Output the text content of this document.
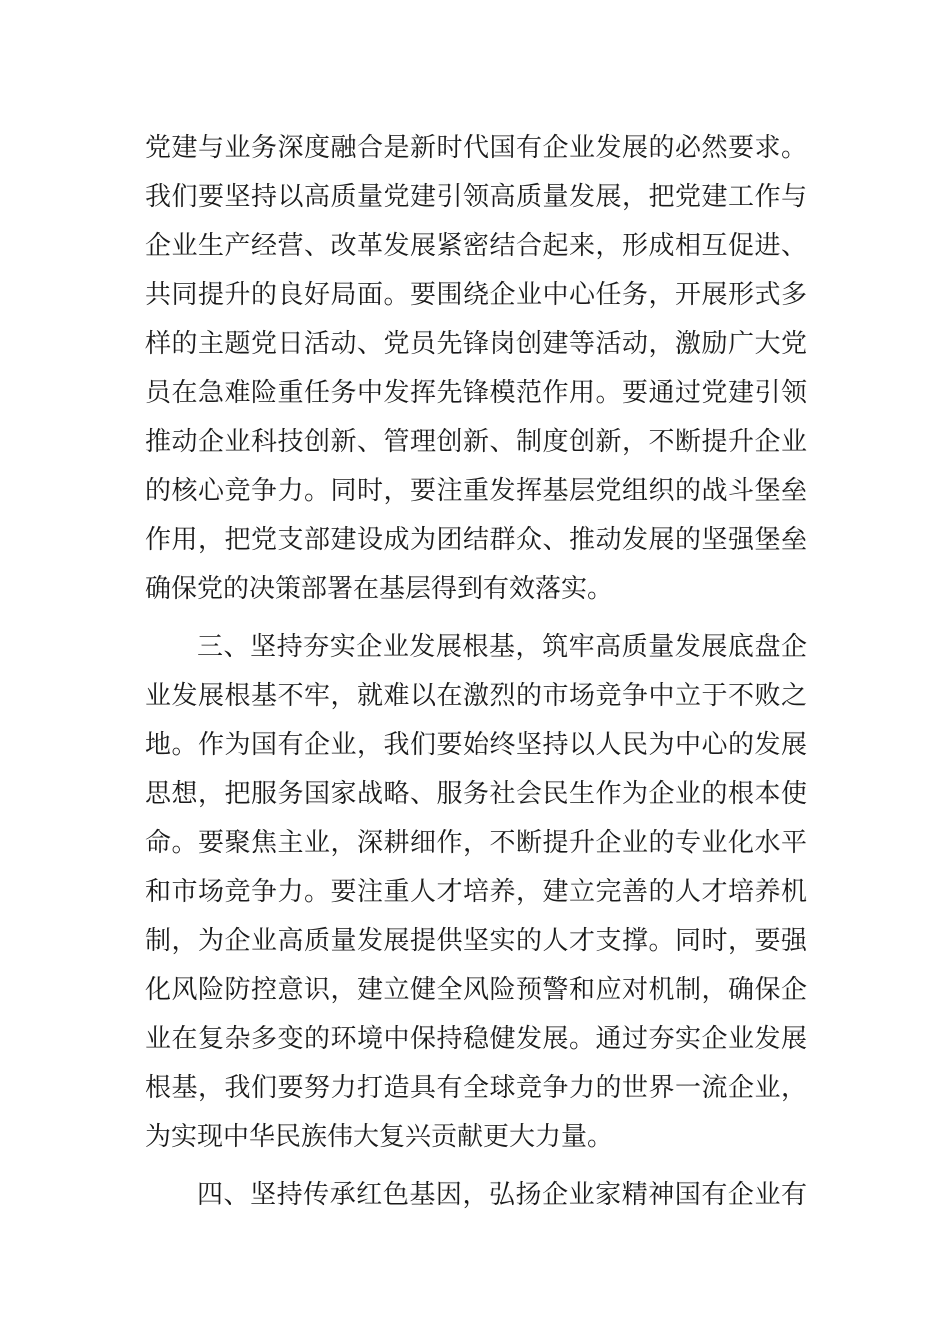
党建与业务深度融合是新时代国有企业发展的必然要求。
我们要坚持以高质量党建引领高质量发展，把党建工作与
企业生产经营、改革发展紧密结合起来，形成相互促进、
共同提升的良好局面。要围绕企业中心任务，开展形式多
样的主题党日活动、党员先锋岗创建等活动，激励广大党
员在急难险重任务中发挥先锋模范作用。要通过党建引领
推动企业科技创新、管理创新、制度创新，不断提升企业
的核心竞争力。同时，要注重发挥基层党组织的战斗堡垒
作用，把党支部建设成为团结群众、推动发展的坚强堡垒
确保党的决策部署在基层得到有效落实。
三、坚持夯实企业发展根基，筑牢高质量发展底盘企
业发展根基不牢，就难以在激烈的市场竞争中立于不败之
地。作为国有企业，我们要始终坚持以人民为中心的发展
思想，把服务国家战略、服务社会民生作为企业的根本使
命。要聚焦主业，深耕细作，不断提升企业的专业化水平
和市场竞争力。要注重人才培养，建立完善的人才培养机
制，为企业高质量发展提供坚实的人才支撑。同时，要强
化风险防控意识，建立健全风险预警和应对机制，确保企
业在复杂多变的环境中保持稳健发展。通过夯实企业发展
根基，我们要努力打造具有全球竞争力的世界一流企业，
为实现中华民族伟大复兴贡献更大力量。
四、坚持传承红色基因，弘扬企业家精神国有企业有
